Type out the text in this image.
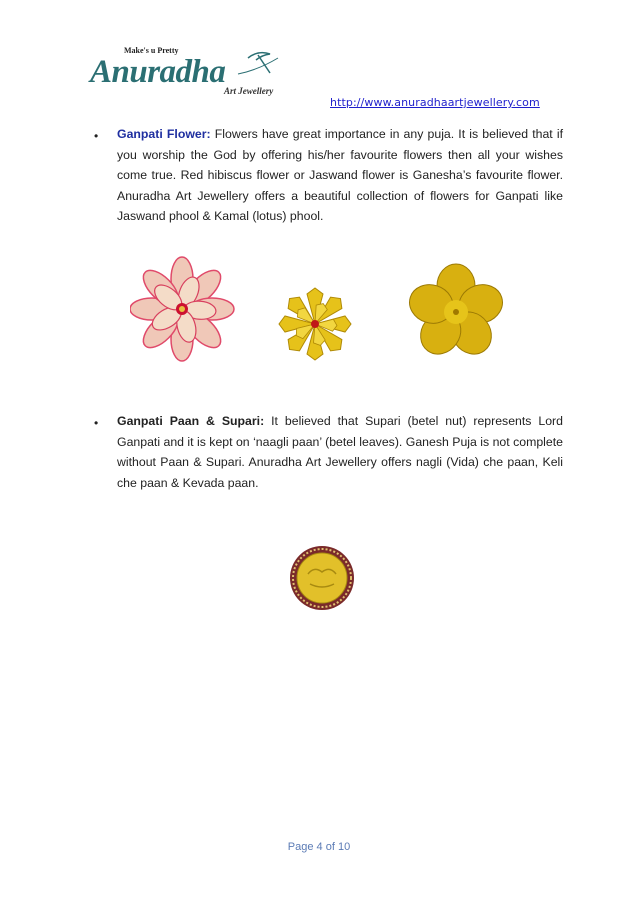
Make's u Pretty
Anuradha
Art Jewellery
http://www.anuradhaartjewellery.com
• Ganpati Flower: Flowers have great importance in any puja. It is believed that if you worship the God by offering his/her favourite flowers then all your wishes come true. Red hibiscus flower or Jaswand flower is Ganesha’s favourite flower. Anuradha Art Jewellery offers a beautiful collection of flowers for Ganpati like Jaswand phool & Kamal (lotus) phool.
• Ganpati Paan & Supari: It believed that Supari (betel nut) represents Lord Ganpati and it is kept on ‘naagli paan’ (betel leaves). Ganesh Puja is not complete without Paan & Supari. Anuradha Art Jewellery offers nagli (Vida) che paan, Keli che paan & Kevada paan.
Page 4 of 10
